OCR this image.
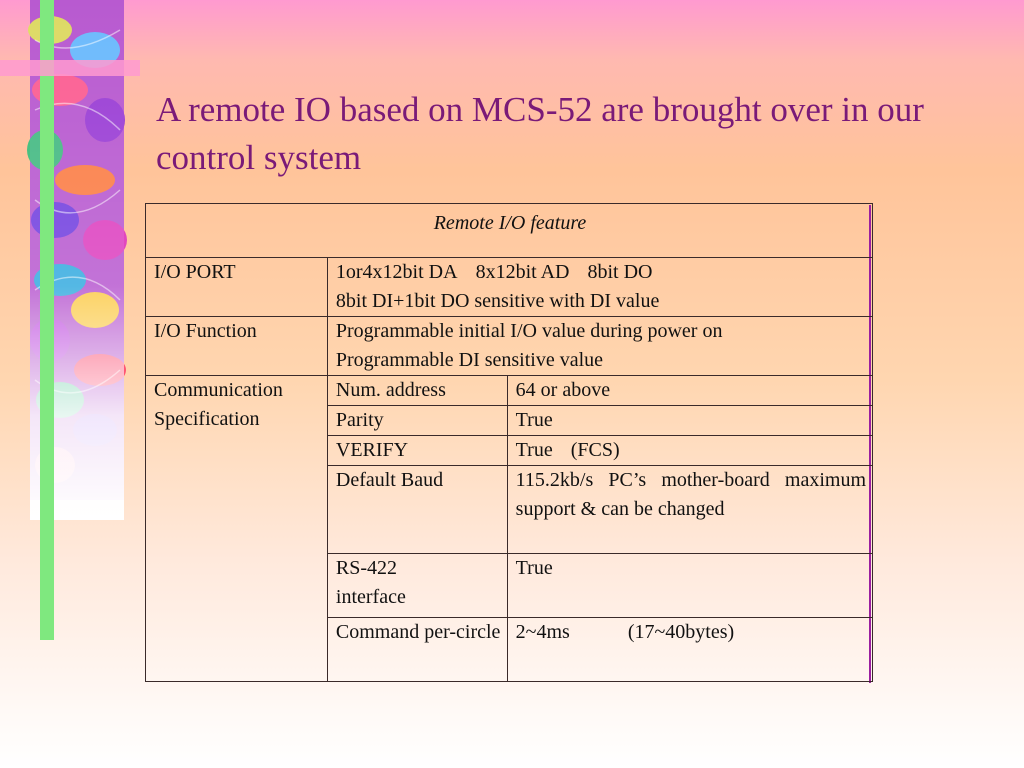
A remote IO based on MCS-52 are brought over in our control system
Remote I/O feature		
I/O PORT	1or4x12bit DA 8x12bit AD 8bit DO
8bit DI+1bit DO sensitive with DI value	
I/O Function	Programmable initial I/O value during power on
Programmable DI sensitive value	
Communication
Specification	Num. address	64 or above
	Parity	True
	VERIFY	True (FCS)
	Default Baud	115.2kb/s PC’s mother-board maximum support & can be changed
	RS-422
interface	True
	Command per-circle	2~4ms (17~40bytes)
